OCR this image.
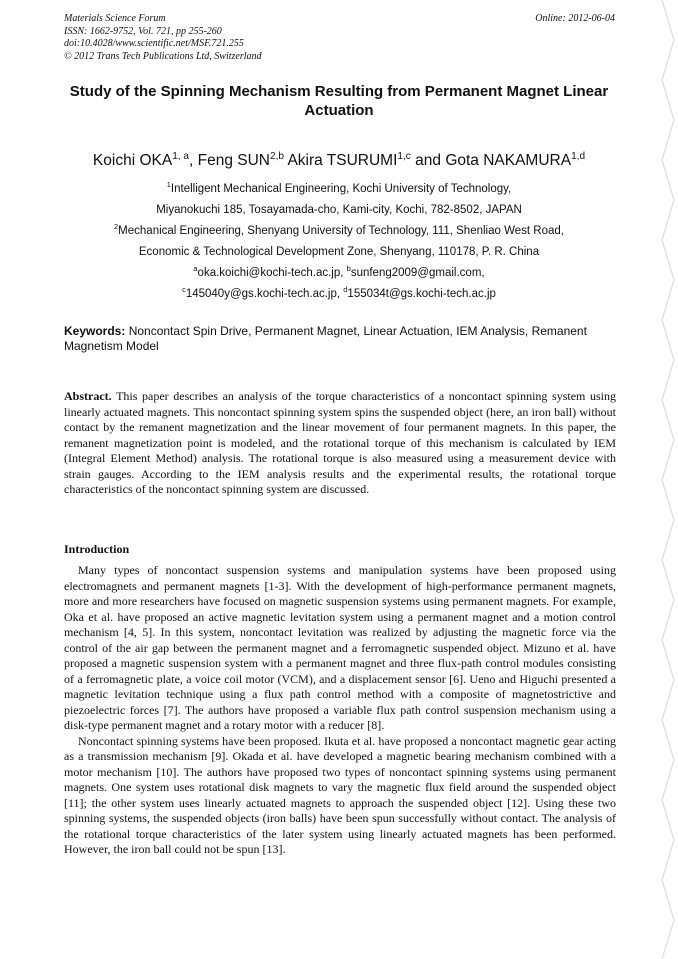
Materials Science Forum
ISSN: 1662-9752, Vol. 721, pp 255-260
doi:10.4028/www.scientific.net/MSF.721.255
© 2012 Trans Tech Publications Ltd, Switzerland
Online: 2012-06-04
Study of the Spinning Mechanism Resulting from Permanent Magnet Linear Actuation
Koichi OKA$^{1, a}$, Feng SUN$^{2,b}$ Akira TSURUMI$^{1,c}$ and Gota NAKAMURA$^{1,d}$
$^1$Intelligent Mechanical Engineering, Kochi University of Technology,
Miyanokuchi 185, Tosayamada-cho, Kami-city, Kochi, 782-8502, JAPAN
$^2$Mechanical Engineering, Shenyang University of Technology, 111, Shenliao West Road,
Economic & Technological Development Zone, Shenyang, 110178, P. R. China
$^a$oka.koichi@kochi-tech.ac.jp, $^b$sunfeng2009@gmail.com,
$^c$145040y@gs.kochi-tech.ac.jp, $^d$155034t@gs.kochi-tech.ac.jp
Keywords: Noncontact Spin Drive, Permanent Magnet, Linear Actuation, IEM Analysis, Remanent Magnetism Model
Abstract. This paper describes an analysis of the torque characteristics of a noncontact spinning system using linearly actuated magnets. This noncontact spinning system spins the suspended object (here, an iron ball) without contact by the remanent magnetization and the linear movement of four permanent magnets. In this paper, the remanent magnetization point is modeled, and the rotational torque of this mechanism is calculated by IEM (Integral Element Method) analysis. The rotational torque is also measured using a measurement device with strain gauges. According to the IEM analysis results and the experimental results, the rotational torque characteristics of the noncontact spinning system are discussed.
Introduction

Many types of noncontact suspension systems and manipulation systems have been proposed using electromagnets and permanent magnets [1-3]. With the development of high-performance permanent magnets, more and more researchers have focused on magnetic suspension systems using permanent magnets. For example, Oka et al. have proposed an active magnetic levitation system using a permanent magnet and a motion control mechanism [4, 5]. In this system, noncontact levitation was realized by adjusting the magnetic force via the control of the air gap between the permanent magnet and a ferromagnetic suspended object. Mizuno et al. have proposed a magnetic suspension system with a permanent magnet and three flux-path control modules consisting of a ferromagnetic plate, a voice coil motor (VCM), and a displacement sensor [6]. Ueno and Higuchi presented a magnetic levitation technique using a flux path control method with a composite of magnetostrictive and piezoelectric forces [7]. The authors have proposed a variable flux path control suspension mechanism using a disk-type permanent magnet and a rotary motor with a reducer [8].

Noncontact spinning systems have been proposed. Ikuta et al. have proposed a noncontact magnetic gear acting as a transmission mechanism [9]. Okada et al. have developed a magnetic bearing mechanism combined with a motor mechanism [10]. The authors have proposed two types of noncontact spinning systems using permanent magnets. One system uses rotational disk magnets to vary the magnetic flux field around the suspended object [11]; the other system uses linearly actuated magnets to approach the suspended object [12]. Using these two spinning systems, the suspended objects (iron balls) have been spun successfully without contact. The analysis of the rotational torque characteristics of the later system using linearly actuated magnets has been performed. However, the iron ball could not be spun [13].
